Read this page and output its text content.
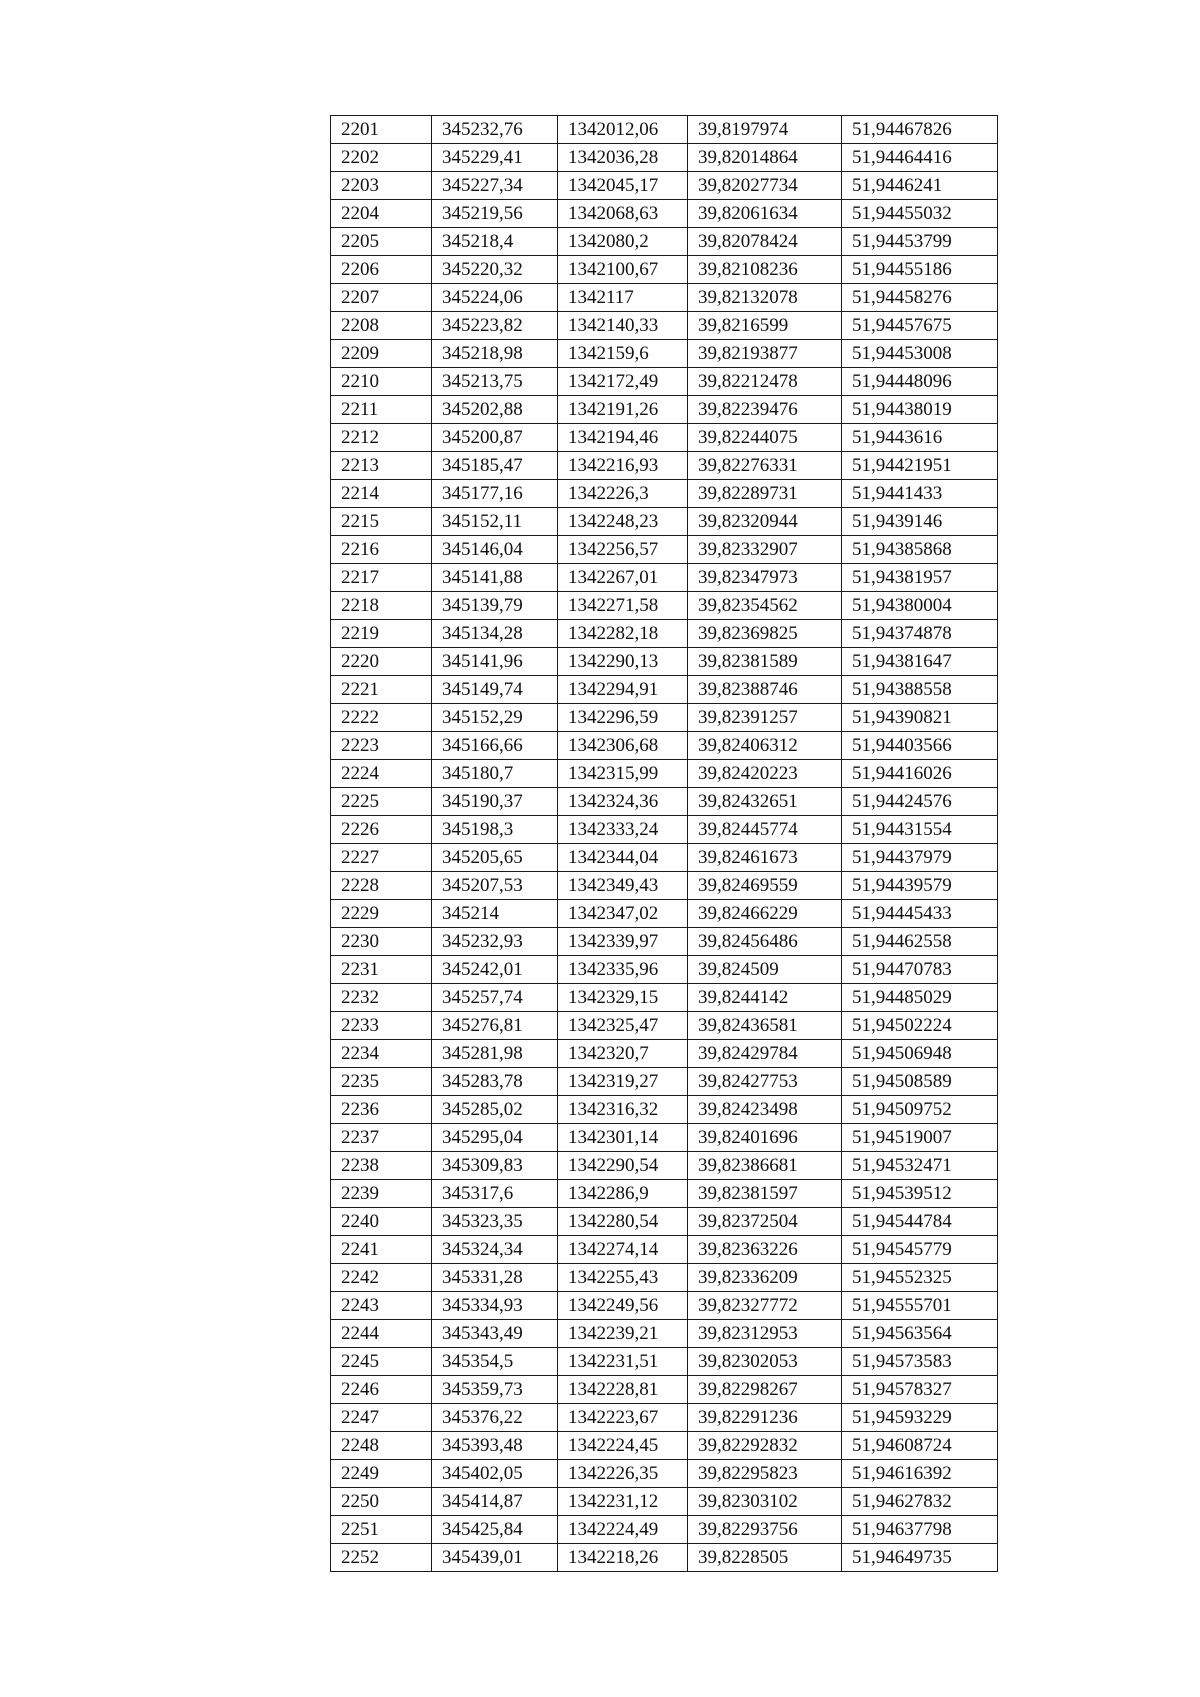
2201	345232,76	1342012,06	39,8197974	51,94467826
2202	345229,41	1342036,28	39,82014864	51,94464416
2203	345227,34	1342045,17	39,82027734	51,9446241
2204	345219,56	1342068,63	39,82061634	51,94455032
2205	345218,4	1342080,2	39,82078424	51,94453799
2206	345220,32	1342100,67	39,82108236	51,94455186
2207	345224,06	1342117	39,82132078	51,94458276
2208	345223,82	1342140,33	39,8216599	51,94457675
2209	345218,98	1342159,6	39,82193877	51,94453008
2210	345213,75	1342172,49	39,82212478	51,94448096
2211	345202,88	1342191,26	39,82239476	51,94438019
2212	345200,87	1342194,46	39,82244075	51,9443616
2213	345185,47	1342216,93	39,82276331	51,94421951
2214	345177,16	1342226,3	39,82289731	51,9441433
2215	345152,11	1342248,23	39,82320944	51,9439146
2216	345146,04	1342256,57	39,82332907	51,94385868
2217	345141,88	1342267,01	39,82347973	51,94381957
2218	345139,79	1342271,58	39,82354562	51,94380004
2219	345134,28	1342282,18	39,82369825	51,94374878
2220	345141,96	1342290,13	39,82381589	51,94381647
2221	345149,74	1342294,91	39,82388746	51,94388558
2222	345152,29	1342296,59	39,82391257	51,94390821
2223	345166,66	1342306,68	39,82406312	51,94403566
2224	345180,7	1342315,99	39,82420223	51,94416026
2225	345190,37	1342324,36	39,82432651	51,94424576
2226	345198,3	1342333,24	39,82445774	51,94431554
2227	345205,65	1342344,04	39,82461673	51,94437979
2228	345207,53	1342349,43	39,82469559	51,94439579
2229	345214	1342347,02	39,82466229	51,94445433
2230	345232,93	1342339,97	39,82456486	51,94462558
2231	345242,01	1342335,96	39,824509	51,94470783
2232	345257,74	1342329,15	39,8244142	51,94485029
2233	345276,81	1342325,47	39,82436581	51,94502224
2234	345281,98	1342320,7	39,82429784	51,94506948
2235	345283,78	1342319,27	39,82427753	51,94508589
2236	345285,02	1342316,32	39,82423498	51,94509752
2237	345295,04	1342301,14	39,82401696	51,94519007
2238	345309,83	1342290,54	39,82386681	51,94532471
2239	345317,6	1342286,9	39,82381597	51,94539512
2240	345323,35	1342280,54	39,82372504	51,94544784
2241	345324,34	1342274,14	39,82363226	51,94545779
2242	345331,28	1342255,43	39,82336209	51,94552325
2243	345334,93	1342249,56	39,82327772	51,94555701
2244	345343,49	1342239,21	39,82312953	51,94563564
2245	345354,5	1342231,51	39,82302053	51,94573583
2246	345359,73	1342228,81	39,82298267	51,94578327
2247	345376,22	1342223,67	39,82291236	51,94593229
2248	345393,48	1342224,45	39,82292832	51,94608724
2249	345402,05	1342226,35	39,82295823	51,94616392
2250	345414,87	1342231,12	39,82303102	51,94627832
2251	345425,84	1342224,49	39,82293756	51,94637798
2252	345439,01	1342218,26	39,8228505	51,94649735
